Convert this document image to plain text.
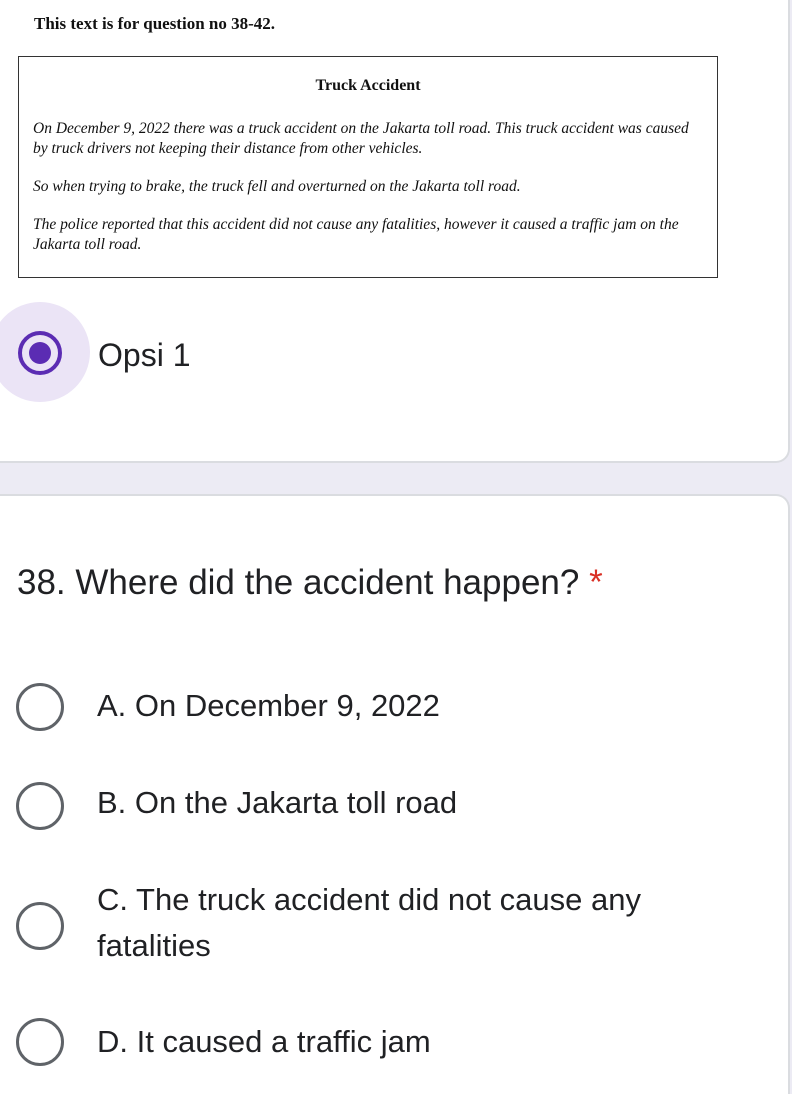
This text is for question no 38-42.

Truck Accident

On December 9, 2022 there was a truck accident on the Jakarta toll road. This truck accident was caused by truck drivers not keeping their distance from other vehicles.

So when trying to brake, the truck fell and overturned on the Jakarta toll road.

The police reported that this accident did not cause any fatalities, however it caused a traffic jam on the Jakarta toll road.

Opsi 1
38. Where did the accident happen? *
A. On December 9, 2022
B. On the Jakarta toll road
C. The truck accident did not cause any fatalities
D. It caused a traffic jam
